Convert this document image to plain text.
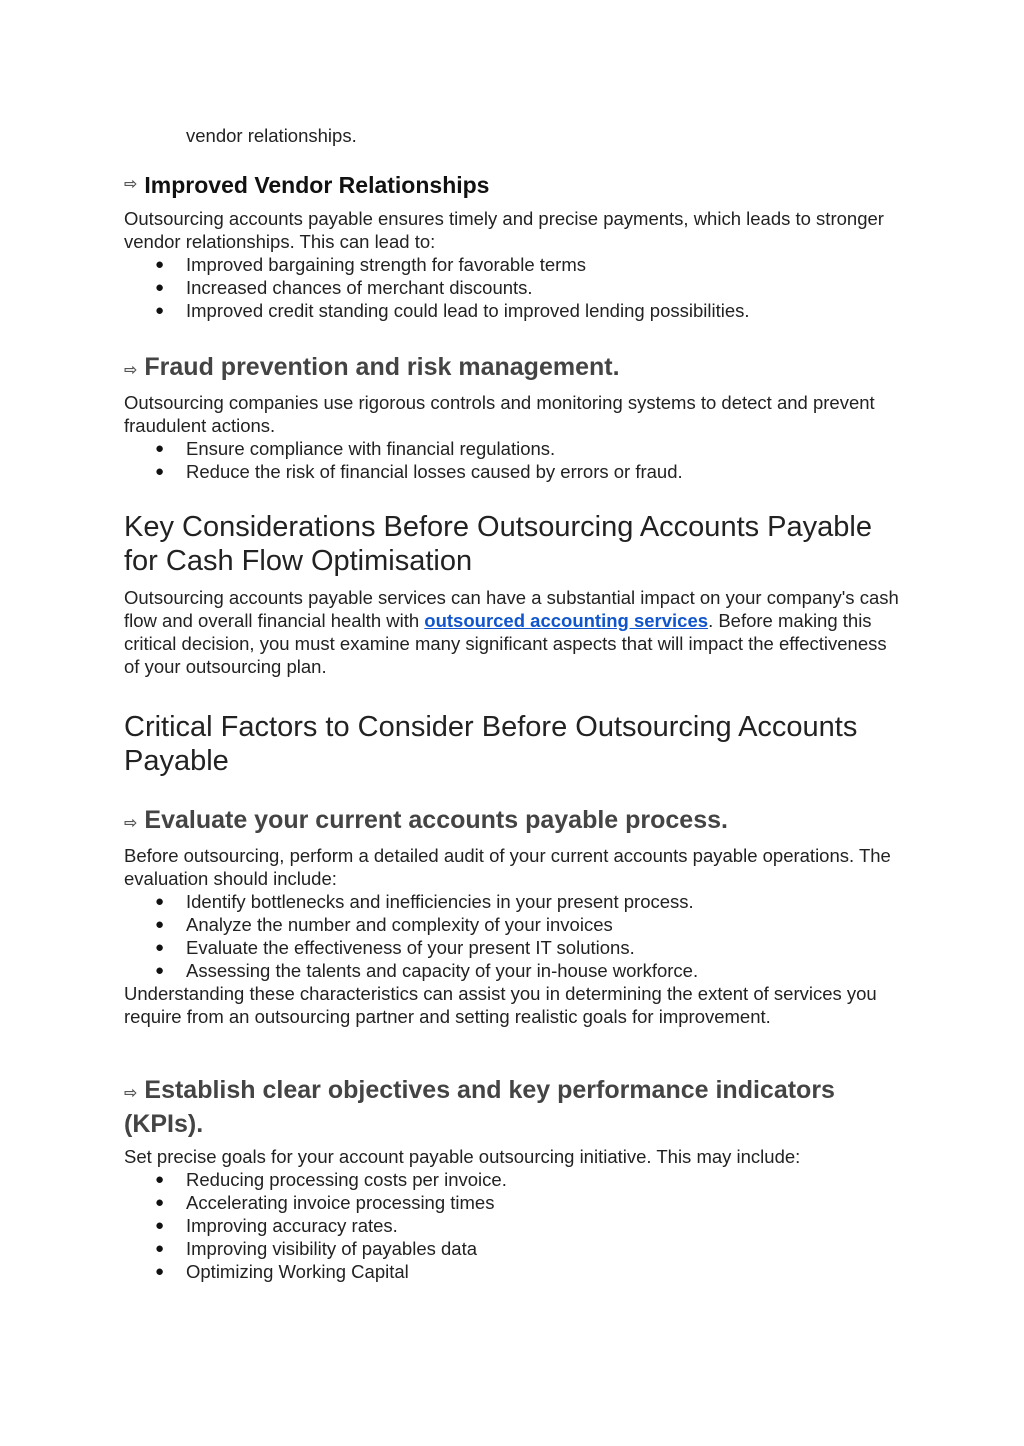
vendor relationships.

⇨ Improved Vendor Relationships

Outsourcing accounts payable ensures timely and precise payments, which leads to stronger vendor relationships. This can lead to:

● Improved bargaining strength for favorable terms
● Increased chances of merchant discounts.
● Improved credit standing could lead to improved lending possibilities.
⇨ Fraud prevention and risk management.

Outsourcing companies use rigorous controls and monitoring systems to detect and prevent fraudulent actions.

● Ensure compliance with financial regulations.
● Reduce the risk of financial losses caused by errors or fraud.
Key Considerations Before Outsourcing Accounts Payable for Cash Flow Optimisation

Outsourcing accounts payable services can have a substantial impact on your company's cash flow and overall financial health with outsourced accounting services. Before making this critical decision, you must examine many significant aspects that will impact the effectiveness of your outsourcing plan.

Critical Factors to Consider Before Outsourcing Accounts Payable
⇨ Evaluate your current accounts payable process.

Before outsourcing, perform a detailed audit of your current accounts payable operations. The evaluation should include:

● Identify bottlenecks and inefficiencies in your present process.
● Analyze the number and complexity of your invoices
● Evaluate the effectiveness of your present IT solutions.
● Assessing the talents and capacity of your in-house workforce.

Understanding these characteristics can assist you in determining the extent of services you require from an outsourcing partner and setting realistic goals for improvement.

⇨ Establish clear objectives and key performance indicators (KPIs).

Set precise goals for your account payable outsourcing initiative. This may include:

● Reducing processing costs per invoice.
● Accelerating invoice processing times
● Improving accuracy rates.
● Improving visibility of payables data
● Optimizing Working Capital
